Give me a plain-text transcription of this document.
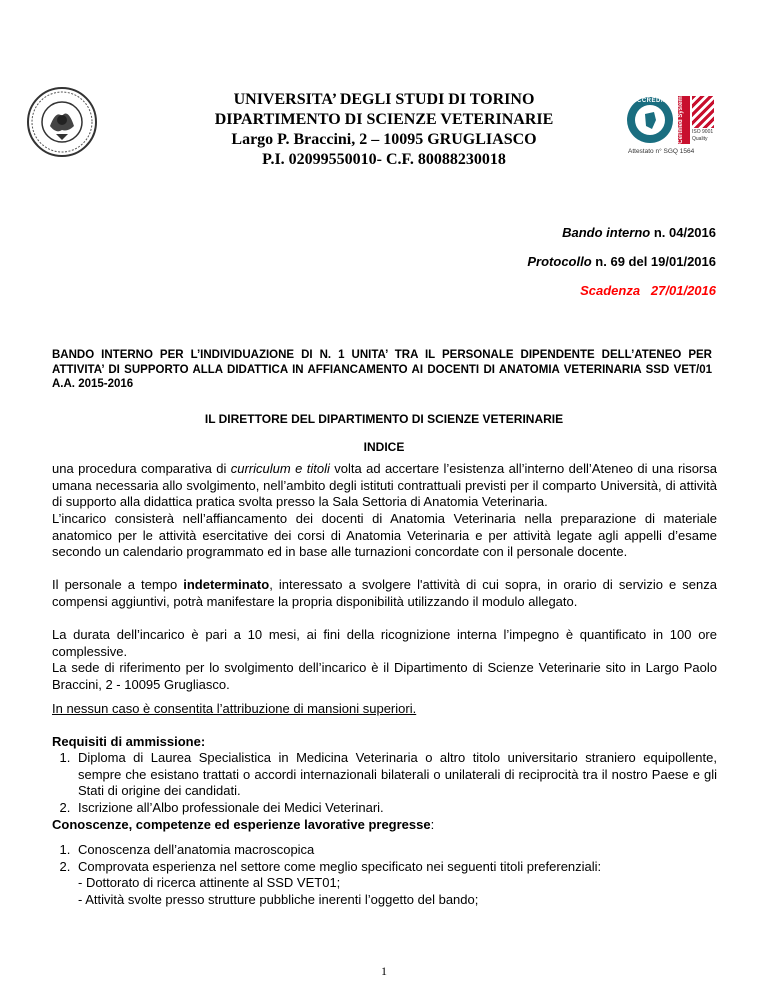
UNIVERSITA’ DEGLI STUDI DI TORINO
DIPARTIMENTO DI SCIENZE VETERINARIE
Largo P. Braccini, 2 – 10095 GRUGLIASCO
P.I. 02099550010- C.F. 80088230018
ACCREDIA	Certified System	ISO 9001
Quality
Attestato n° SGQ 1564
Bando interno n. 04/2016
Protocollo n. 69 del 19/01/2016
Scadenza 27/01/2016
BANDO INTERNO PER L’INDIVIDUAZIONE DI N. 1 UNITA’ TRA IL PERSONALE DIPENDENTE DELL’ATENEO PER ATTIVITA’ DI SUPPORTO ALLA DIDATTICA IN AFFIANCAMENTO AI DOCENTI DI ANATOMIA VETERINARIA SSD VET/01 A.A. 2015-2016
IL DIRETTORE DEL DIPARTIMENTO DI SCIENZE VETERINARIE
INDICE
una procedura comparativa di curriculum e titoli volta ad accertare l’esistenza all’interno dell’Ateneo di una risorsa umana necessaria allo svolgimento, nell’ambito degli istituti contrattuali previsti per il comparto Università, di attività di supporto alla didattica pratica svolta presso la Sala Settoria di Anatomia Veterinaria.
L’incarico consisterà nell’affiancamento dei docenti di Anatomia Veterinaria nella preparazione di materiale anatomico per le attività esercitative dei corsi di Anatomia Veterinaria e per attività legate agli appelli d’esame secondo un calendario programmato ed in base alle turnazioni concordate con il personale docente.
Il personale a tempo indeterminato, interessato a svolgere l'attività di cui sopra, in orario di servizio e senza compensi aggiuntivi, potrà manifestare la propria disponibilità utilizzando il modulo allegato.
La durata dell’incarico è pari a 10 mesi, ai fini della ricognizione interna l’impegno è quantificato in 100 ore complessive.
La sede di riferimento per lo svolgimento dell’incarico è il Dipartimento di Scienze Veterinarie sito in Largo Paolo Braccini, 2 - 10095 Grugliasco.
In nessun caso è consentita l’attribuzione di mansioni superiori.
Requisiti di ammissione:
1. Diploma di Laurea Specialistica in Medicina Veterinaria o altro titolo universitario straniero equipollente, sempre che esistano trattati o accordi internazionali bilaterali o unilaterali di reciprocità tra il nostro Paese e gli Stati di origine dei candidati.
2. Iscrizione all’Albo professionale dei Medici Veterinari.
Conoscenze, competenze ed esperienze lavorative pregresse:
1. Conoscenza dell’anatomia macroscopica
2. Comprovata esperienza nel settore come meglio specificato nei seguenti titoli preferenziali:
- Dottorato di ricerca attinente al SSD VET01;
- Attività svolte presso strutture pubbliche inerenti l’oggetto del bando;
1
